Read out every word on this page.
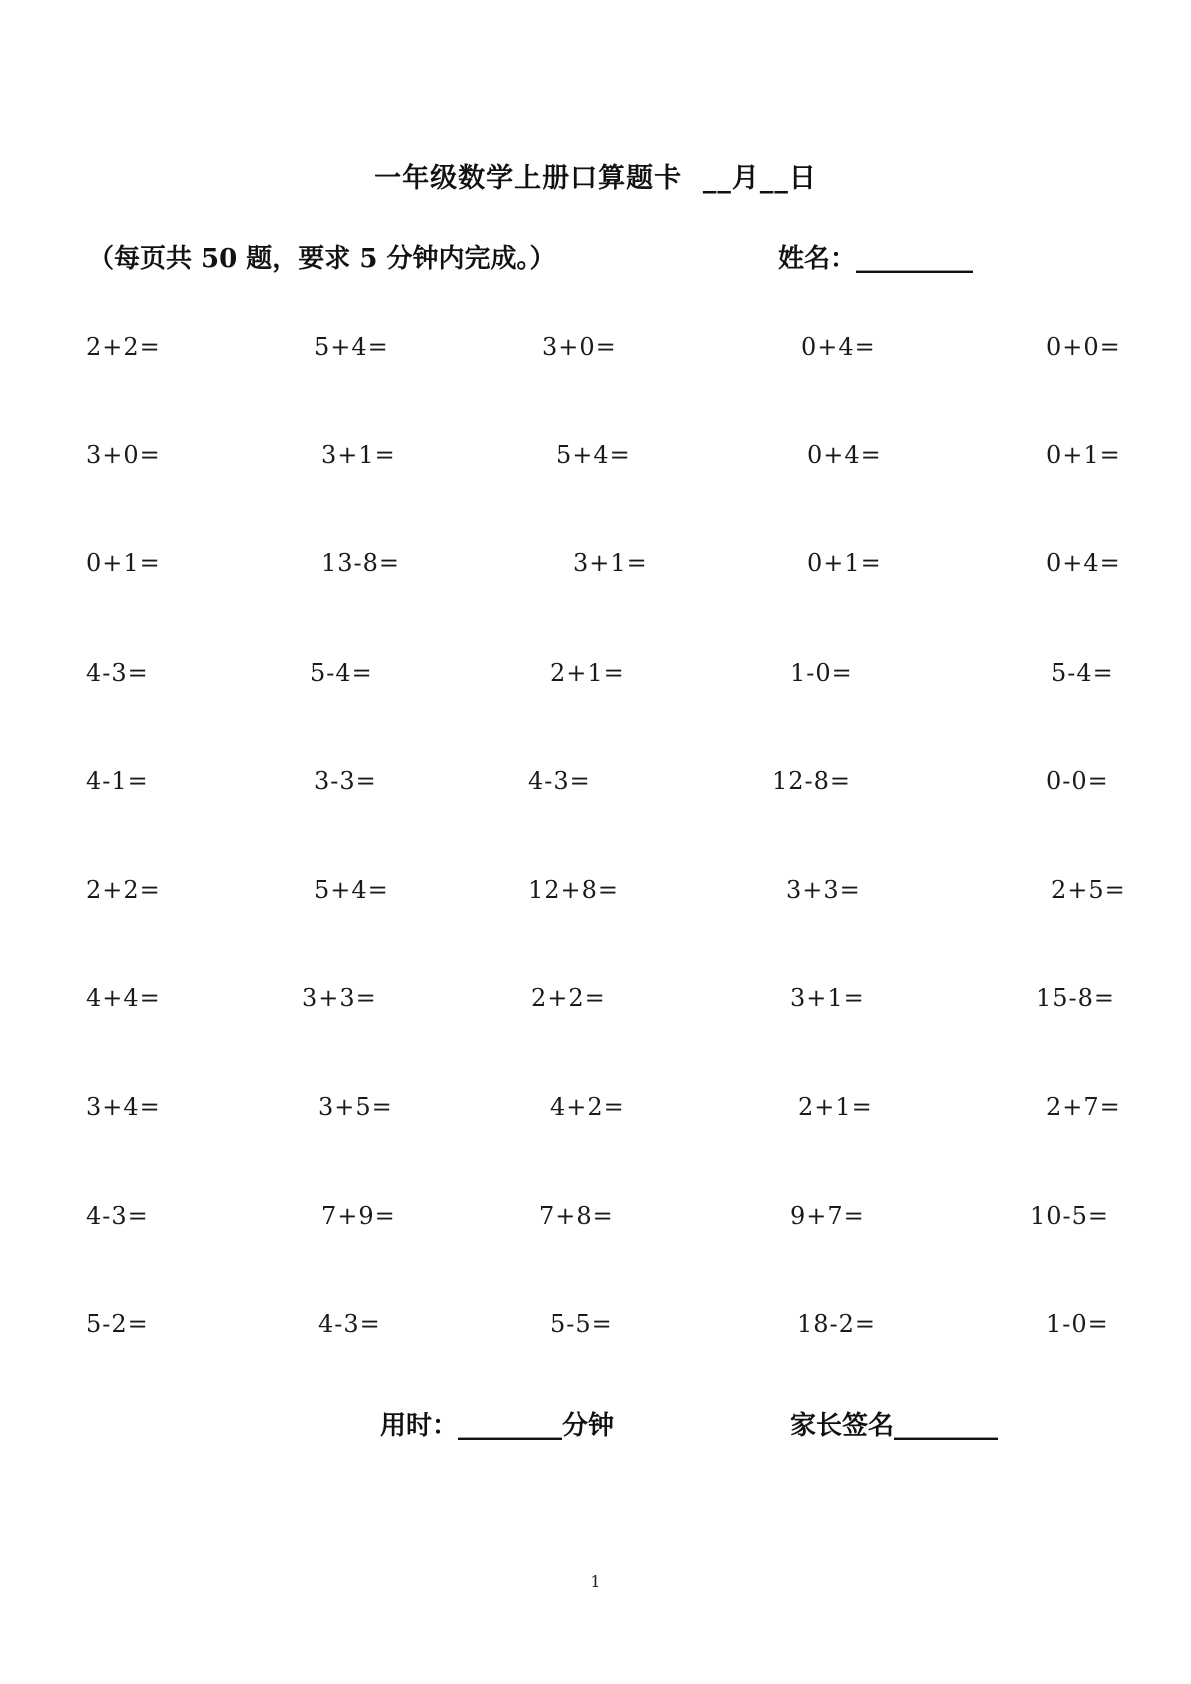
一年级数学上册口算题卡  __月__日
（每页共 50 题，要求 5 分钟内完成。）	姓名：_________
2+2=	5+4=	3+0=	0+4=	0+0=
3+0=	3+1=	5+4=	0+4=	0+1=
0+1=	13-8=	3+1=	0+1=	0+4=
4-3=	5-4=	2+1=	1-0=	5-4=
4-1=	3-3=	4-3=	12-8=	0-0=
2+2=	5+4=	12+8=	3+3=	2+5=
4+4=	3+3=	2+2=	3+1=	15-8=
3+4=	3+5=	4+2=	2+1=	2+7=
4-3=	7+9=	7+8=	9+7=	10-5=
5-2=	4-3=	5-5=	18-2=	1-0=
用时：________分钟	家长签名________
1
